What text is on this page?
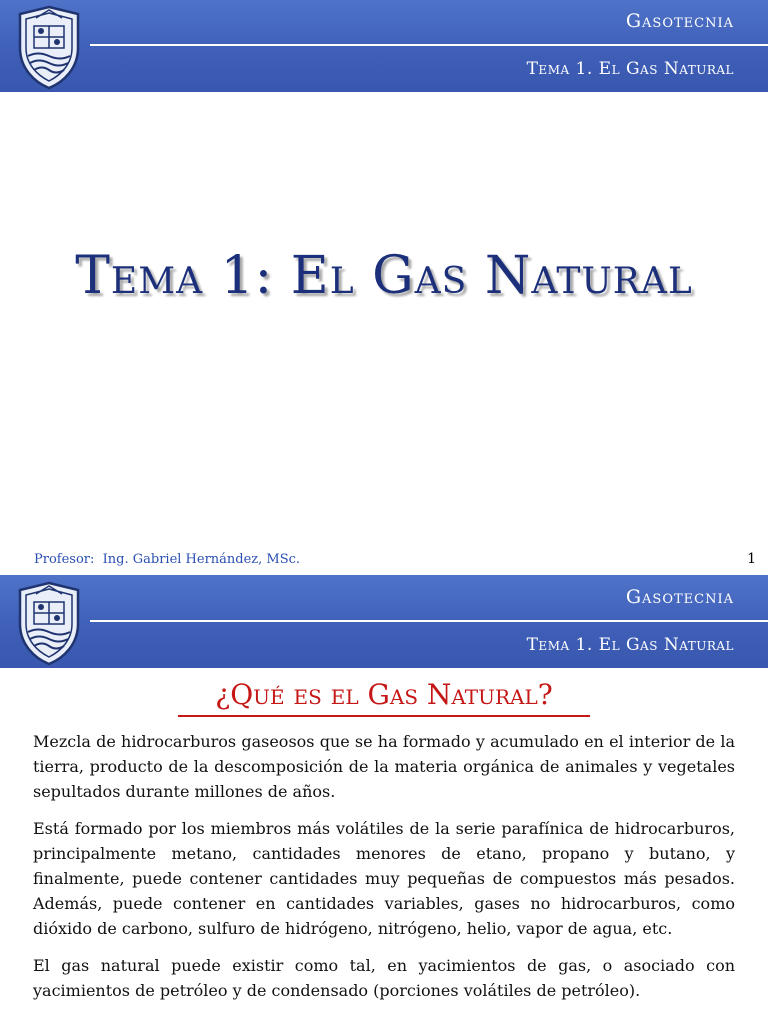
Gasotecnia
Tema 1. El Gas Natural
Tema 1: El Gas Natural
Profesor:  Ing. Gabriel Hernández, MSc.	1
Gasotecnia
Tema 1. El Gas Natural
¿Qué es el Gas Natural?

Mezcla de hidrocarburos gaseosos que se ha formado y acumulado en el interior de la tierra, producto de la descomposición de la materia orgánica de animales y vegetales sepultados durante millones de años.

Está formado por los miembros más volátiles de la serie parafínica de hidrocarburos, principalmente metano, cantidades menores de etano, propano y butano, y finalmente, puede contener cantidades muy pequeñas de compuestos más pesados. Además, puede contener en cantidades variables, gases no hidrocarburos, como dióxido de carbono, sulfuro de hidrógeno, nitrógeno, helio, vapor de agua, etc.

El gas natural puede existir como tal, en yacimientos de gas, o asociado con yacimientos de petróleo y de condensado (porciones volátiles de petróleo).
